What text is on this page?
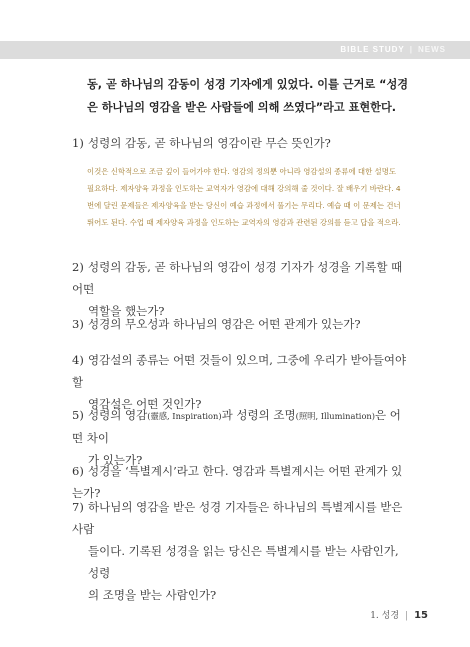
BIBLE STUDY | NEWS
동, 곧 하나님의 감동이 성경 기자에게 있었다. 이를 근거로 “성경은 하나님의 영감을 받은 사람들에 의해 쓰였다”라고 표현한다.
1) 성령의 감동, 곧 하나님의 영감이란 무슨 뜻인가?
이것은 신학적으로 조금 깊이 들어가야 한다. 영감의 정의뿐 아니라 영감설의 종류에 대한 설명도 필요하다. 제자양육 과정을 인도하는 교역자가 영감에 대해 강의해 줄 것이다. 잘 배우기 바란다. 4번에 달린 문제들은 제자양육을 받는 당신이 예습 과정에서 풀기는 무리다. 예습 때 이 문제는 건너뛰어도 된다. 수업 때 제자양육 과정을 인도하는 교역자의 영감과 관련된 강의를 듣고 답을 적으라.
2) 성령의 감동, 곧 하나님의 영감이 성경 기자가 성경을 기록할 때 어떤
역할을 했는가?
3) 성경의 무오성과 하나님의 영감은 어떤 관계가 있는가?
4) 영감설의 종류는 어떤 것들이 있으며, 그중에 우리가 받아들여야 할
영감설은 어떤 것인가?
5) 성령의 영감(靈感, Inspiration)과 성령의 조명(照明, Illumination)은 어떤 차이
가 있는가?
6) 성경을 ‘특별계시’라고 한다. 영감과 특별계시는 어떤 관계가 있는가?
7) 하나님의 영감을 받은 성경 기자들은 하나님의 특별계시를 받은 사람
들이다. 기록된 성경을 읽는 당신은 특별계시를 받는 사람인가, 성령
의 조명을 받는 사람인가?
1. 성경 | 15
